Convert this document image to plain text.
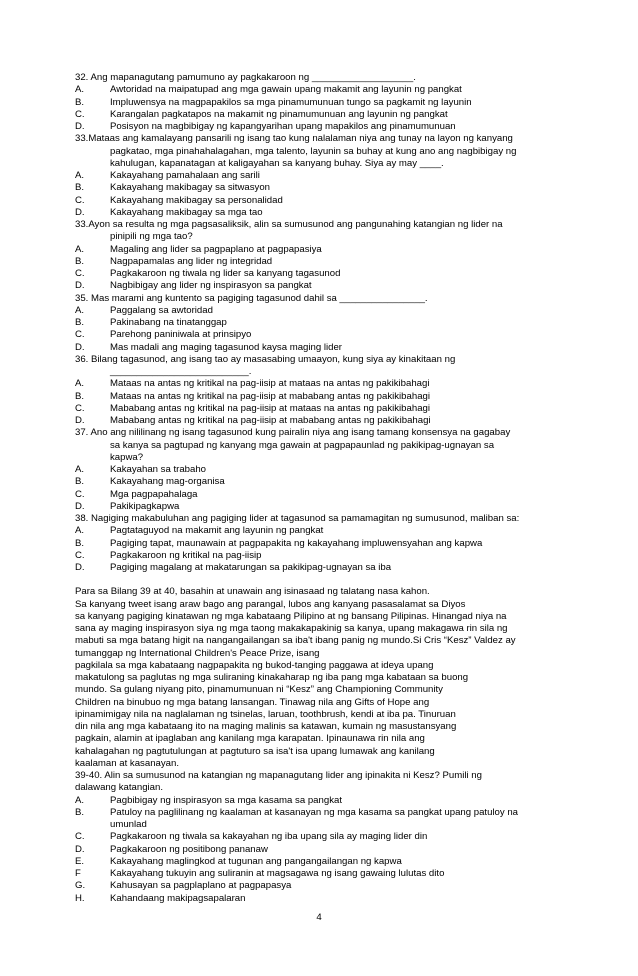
32. Ang mapanagutang pamumuno ay pagkakaroon ng ___________________.
A.	Awtoridad na maipatupad ang mga gawain upang makamit ang layunin ng pangkat
B.	Impluwensya na magpapakilos sa mga pinamumunuan tungo sa pagkamit ng layunin
C.	Karangalan pagkatapos na makamit ng pinamumunuan ang layunin ng pangkat
D.	Posisyon na magbibigay ng kapangyarihan upang mapakilos ang pinamumunuan
33.Mataas ang kamalayang pansarili ng isang tao kung nalalaman niya ang tunay na layon ng kanyang
pagkatao, mga pinahahalagahan, mga talento, layunin sa buhay at kung ano ang nagbibigay ng
kahulugan, kapanatagan at kaligayahan sa kanyang buhay. Siya ay may ____.
A.	Kakayahang pamahalaan ang sarili
B.	Kakayahang makibagay sa sitwasyon
C.	Kakayahang makibagay sa personalidad
D.	Kakayahang makibagay sa mga tao
33.Ayon sa resulta ng mga pagsasaliksik, alin sa sumusunod ang pangunahing katangian ng lider na
pinipili ng mga tao?
A.	Magaling ang lider sa pagpaplano at pagpapasiya
B.	Nagpapamalas ang lider ng integridad
C.	Pagkakaroon ng tiwala ng lider sa kanyang tagasunod
D.	Nagbibigay ang lider ng inspirasyon sa pangkat
35. Mas marami ang kuntento sa pagiging tagasunod dahil sa ________________.
A.	Paggalang sa awtoridad
B.	Pakinabang na tinatanggap
C.	Parehong paniniwala at prinsipyo
D.	Mas madali ang maging tagasunod kaysa maging lider
36. Bilang tagasunod, ang isang tao ay masasabing umaayon, kung siya ay kinakitaan ng
__________________________.
A.	Mataas na antas ng kritikal na pag-iisip at mataas na antas ng pakikibahagi
B.	Mataas na antas ng kritikal na pag-iisip at mababang antas ng pakikibahagi
C.	Mababang antas ng kritikal na pag-iisip at mataas na antas ng pakikibahagi
D.	Mababang antas ng kritikal na pag-iisip at mababang antas ng pakikibahagi
37. Ano ang nililinang ng isang tagasunod kung pairalin niya ang isang tamang konsensya na gagabay
sa kanya sa pagtupad ng kanyang mga gawain at pagpapaunlad ng pakikipag-ugnayan sa
kapwa?
A.	Kakayahan sa trabaho
B.	Kakayahang mag-organisa
C.	Mga pagpapahalaga
D.	Pakikipagkapwa
38. Nagiging makabuluhan ang pagiging lider at tagasunod sa pamamagitan ng sumusunod, maliban sa:
A.	Pagtataguyod na makamit ang layunin ng pangkat
B.	Pagiging tapat, maunawain at pagpapakita ng kakayahang impluwensyahan ang kapwa
C.	Pagkakaroon ng kritikal na pag-iisip
D.	Pagiging magalang at makatarungan sa pakikipag-ugnayan sa iba
Para sa Bilang 39 at 40, basahin at unawain ang isinasaad ng talatang nasa kahon.
Sa kanyang tweet isang araw bago ang parangal, lubos ang kanyang pasasalamat sa Diyos
sa kanyang pagiging kinatawan ng mga kabataang Pilipino at ng bansang Pilipinas. Hinangad niya na
sana ay maging inspirasyon siya ng mga taong makakapakinig sa kanya, upang makagawa rin sila ng
mabuti sa mga batang higit na nangangailangan sa iba't ibang panig ng mundo.Si Cris “Kesz” Valdez ay
tumanggap ng International Children's Peace Prize, isang
pagkilala sa mga kabataang nagpapakita ng bukod-tanging paggawa at ideya upang
makatulong sa paglutas ng mga suliraning kinakaharap ng iba pang mga kabataan sa buong
mundo. Sa gulang niyang pito, pinamumunuan ni “Kesz” ang Championing Community
Children na binubuo ng mga batang lansangan. Tinawag nila ang Gifts of Hope ang
ipinamimigay nila na naglalaman ng tsinelas, laruan, toothbrush, kendi at iba pa. Tinuruan
din nila ang mga kabataang ito na maging malinis sa katawan, kumain ng masustansyang
pagkain, alamin at ipaglaban ang kanilang mga karapatan. Ipinaunawa rin nila ang
kahalagahan ng pagtutulungan at pagtuturo sa isa't isa upang lumawak ang kanilang
kaalaman at kasanayan.
39-40. Alin sa sumusunod na katangian ng mapanagutang lider ang ipinakita ni Kesz? Pumili ng
dalawang katangian.
A.	Pagbibigay ng inspirasyon sa mga kasama sa pangkat
B.	Patuloy na paglilinang ng kaalaman at kasanayan ng mga kasama sa pangkat upang patuloy na
umunlad
C.	Pagkakaroon ng tiwala sa kakayahan ng iba upang sila ay maging lider din
D.	Pagkakaroon ng positibong pananaw
E.	Kakayahang maglingkod at tugunan ang pangangailangan ng kapwa
F	Kakayahang tukuyin ang suliranin at magsagawa ng isang gawaing lulutas dito
G.	Kahusayan sa pagplaplano at pagpapasya
H.	Kahandaang makipagsapalaran
4
